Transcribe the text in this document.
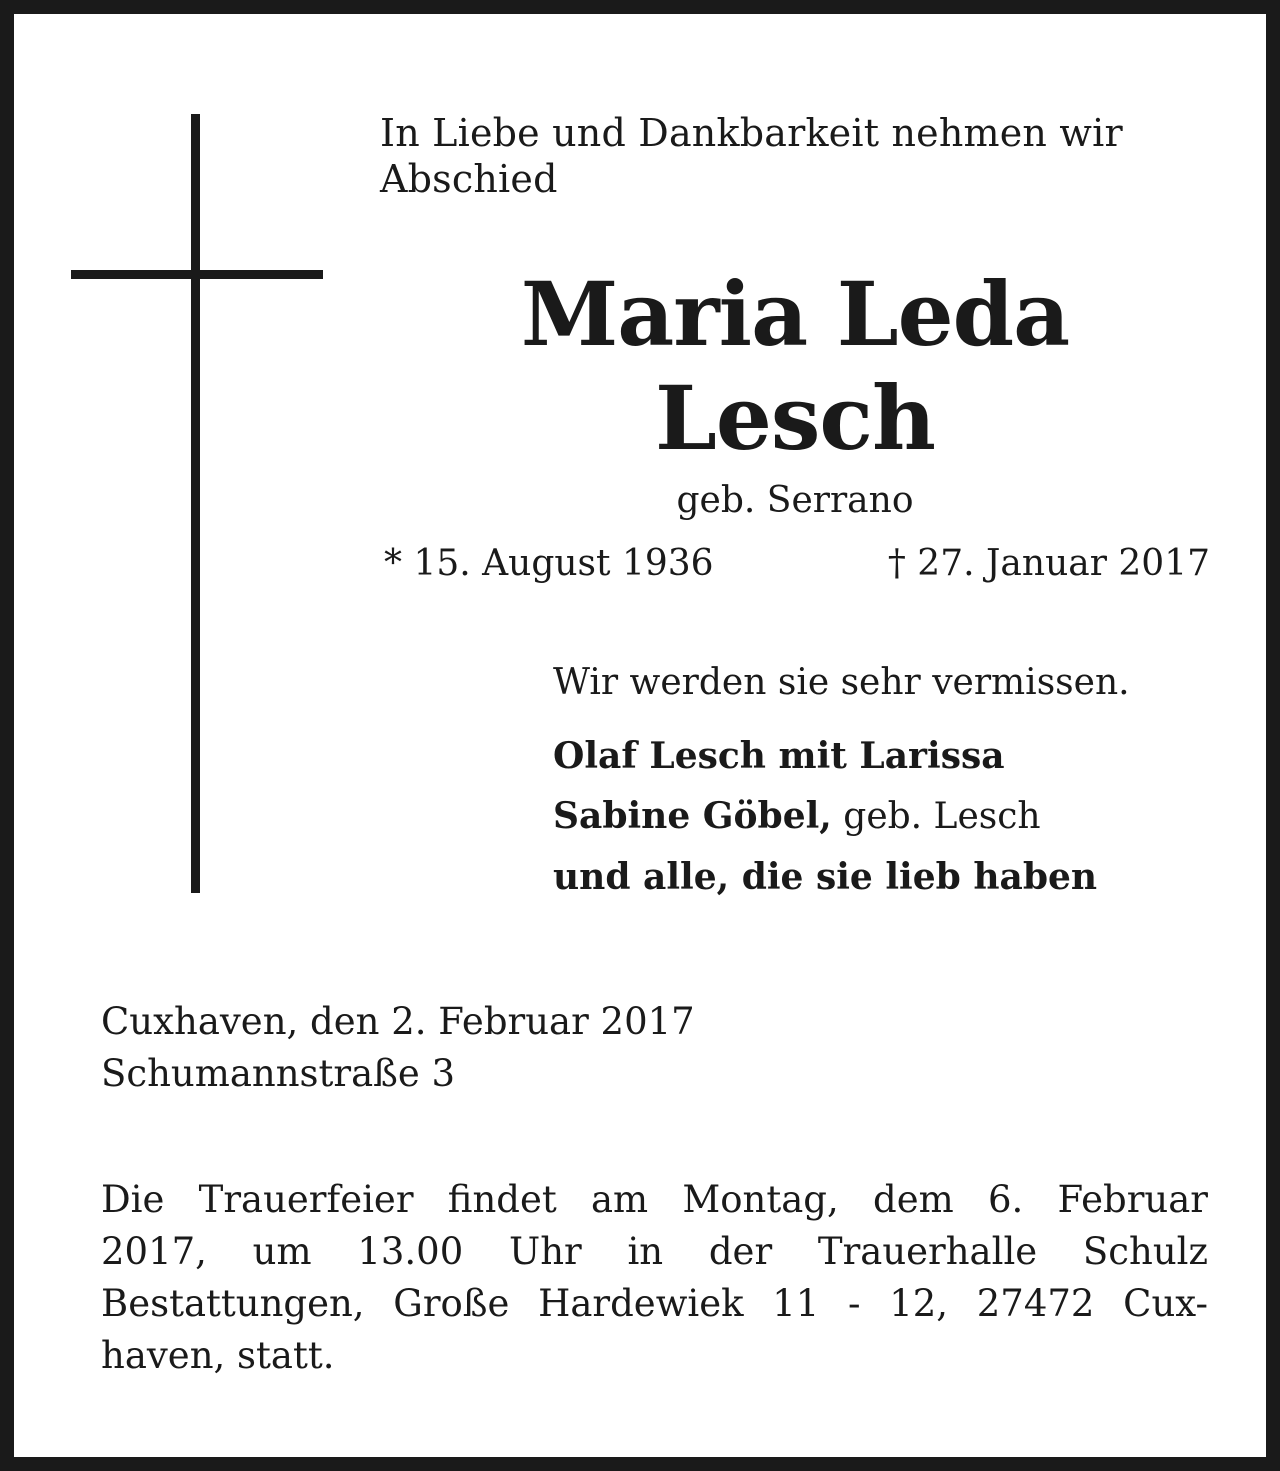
In Liebe und Dankbarkeit nehmen wir
Abschied
Maria Leda
Lesch
geb. Serrano
* 15. August 1936	† 27. Januar 2017
Wir werden sie sehr vermissen.
Olaf Lesch mit Larissa
Sabine Göbel, geb. Lesch
und alle, die sie lieb haben
Cuxhaven, den 2. Februar 2017
Schumannstraße 3
Die Trauerfeier findet am Montag, dem 6. Februar
2017, um 13.00 Uhr in der Trauerhalle Schulz
Bestattungen, Große Hardewiek 11 - 12, 27472 Cux-
haven, statt.
